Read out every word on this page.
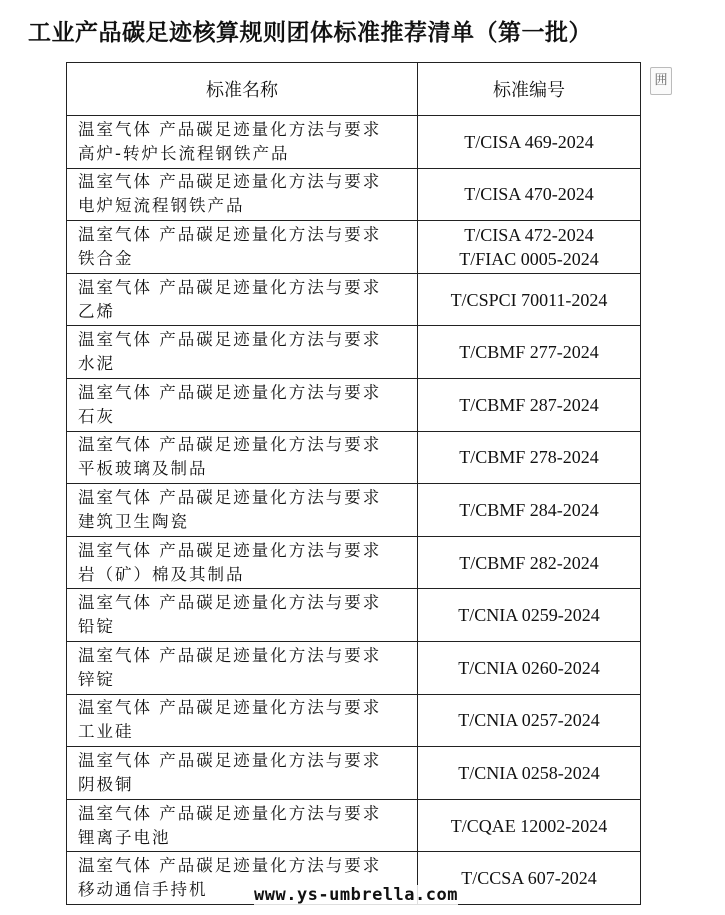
工业产品碳足迹核算规则团体标准推荐清单（第一批）
囲
标准名称	标准编号

温室气体 产品碳足迹量化方法与要求
高炉-转炉长流程钢铁产品	T/CISA 469-2024

温室气体 产品碳足迹量化方法与要求
电炉短流程钢铁产品	T/CISA 470-2024

温室气体 产品碳足迹量化方法与要求
铁合金	T/CISA 472-2024
T/FIAC 0005-2024

温室气体 产品碳足迹量化方法与要求
乙烯	T/CSPCI 70011-2024

温室气体 产品碳足迹量化方法与要求
水泥	T/CBMF 277-2024

温室气体 产品碳足迹量化方法与要求
石灰	T/CBMF 287-2024

温室气体 产品碳足迹量化方法与要求
平板玻璃及制品	T/CBMF 278-2024

温室气体 产品碳足迹量化方法与要求
建筑卫生陶瓷	T/CBMF 284-2024

温室气体 产品碳足迹量化方法与要求
岩（矿）棉及其制品	T/CBMF 282-2024

温室气体 产品碳足迹量化方法与要求
铅锭	T/CNIA 0259-2024

温室气体 产品碳足迹量化方法与要求
锌锭	T/CNIA 0260-2024

温室气体 产品碳足迹量化方法与要求
工业硅	T/CNIA 0257-2024

温室气体 产品碳足迹量化方法与要求
阴极铜	T/CNIA 0258-2024

温室气体 产品碳足迹量化方法与要求
锂离子电池	T/CQAE 12002-2024

温室气体 产品碳足迹量化方法与要求
移动通信手持机	T/CCSA 607-2024
www.ys-umbrella.com
